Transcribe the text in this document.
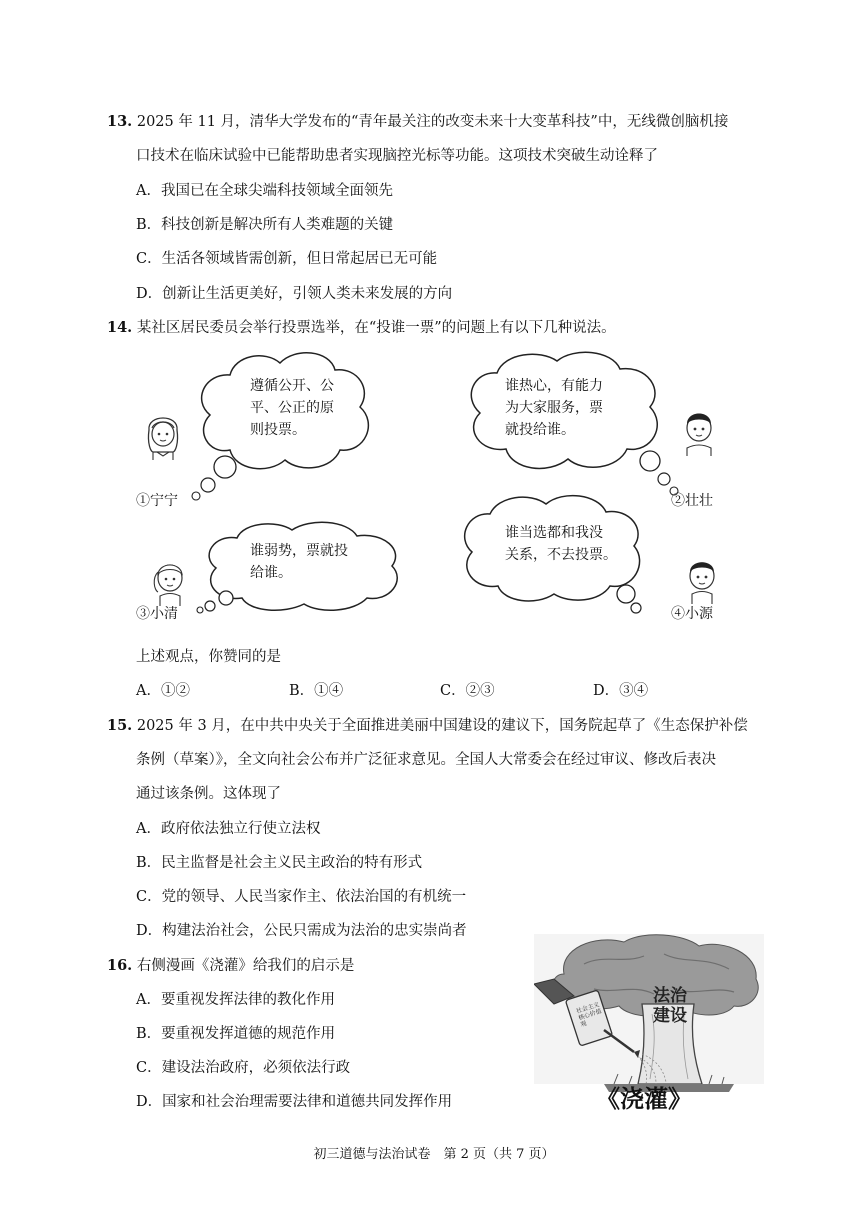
13. 2025 年 11 月，清华大学发布的“青年最关注的改变未来十大变革科技”中，无线微创脑机接
口技术在临床试验中已能帮助患者实现脑控光标等功能。这项技术突破生动诠释了
A．我国已在全球尖端科技领域全面领先
B．科技创新是解决所有人类难题的关键
C．生活各领域皆需创新，但日常起居已无可能
D．创新让生活更美好，引领人类未来发展的方向
14. 某社区居民委员会举行投票选举，在“投谁一票”的问题上有以下几种说法。
遵循公开、公
平、公正的原
则投票。
谁热心，有能力
为大家服务，票
就投给谁。
谁弱势，票就投
给谁。
谁当选都和我没
关系，不去投票。
①宁宁	②壮壮
③小清	④小源
上述观点，你赞同的是
A．①②	B．①④	C．②③	D．③④
15. 2025 年 3 月，在中共中央关于全面推进美丽中国建设的建议下，国务院起草了《生态保护补偿
条例（草案）》，全文向社会公布并广泛征求意见。全国人大常委会在经过审议、修改后表决
通过该条例。这体现了
A．政府依法独立行使立法权
B．民主监督是社会主义民主政治的特有形式
C．党的领导、人民当家作主、依法治国的有机统一
D．构建法治社会，公民只需成为法治的忠实崇尚者
16. 右侧漫画《浇灌》给我们的启示是
A．要重视发挥法律的教化作用
B．要重视发挥道德的规范作用
C．建设法治政府，必须依法行政
D．国家和社会治理需要法律和道德共同发挥作用
法治
建设
社会主义核心价值观
《浇灌》
初三道德与法治试卷　第 2 页（共 7 页）
